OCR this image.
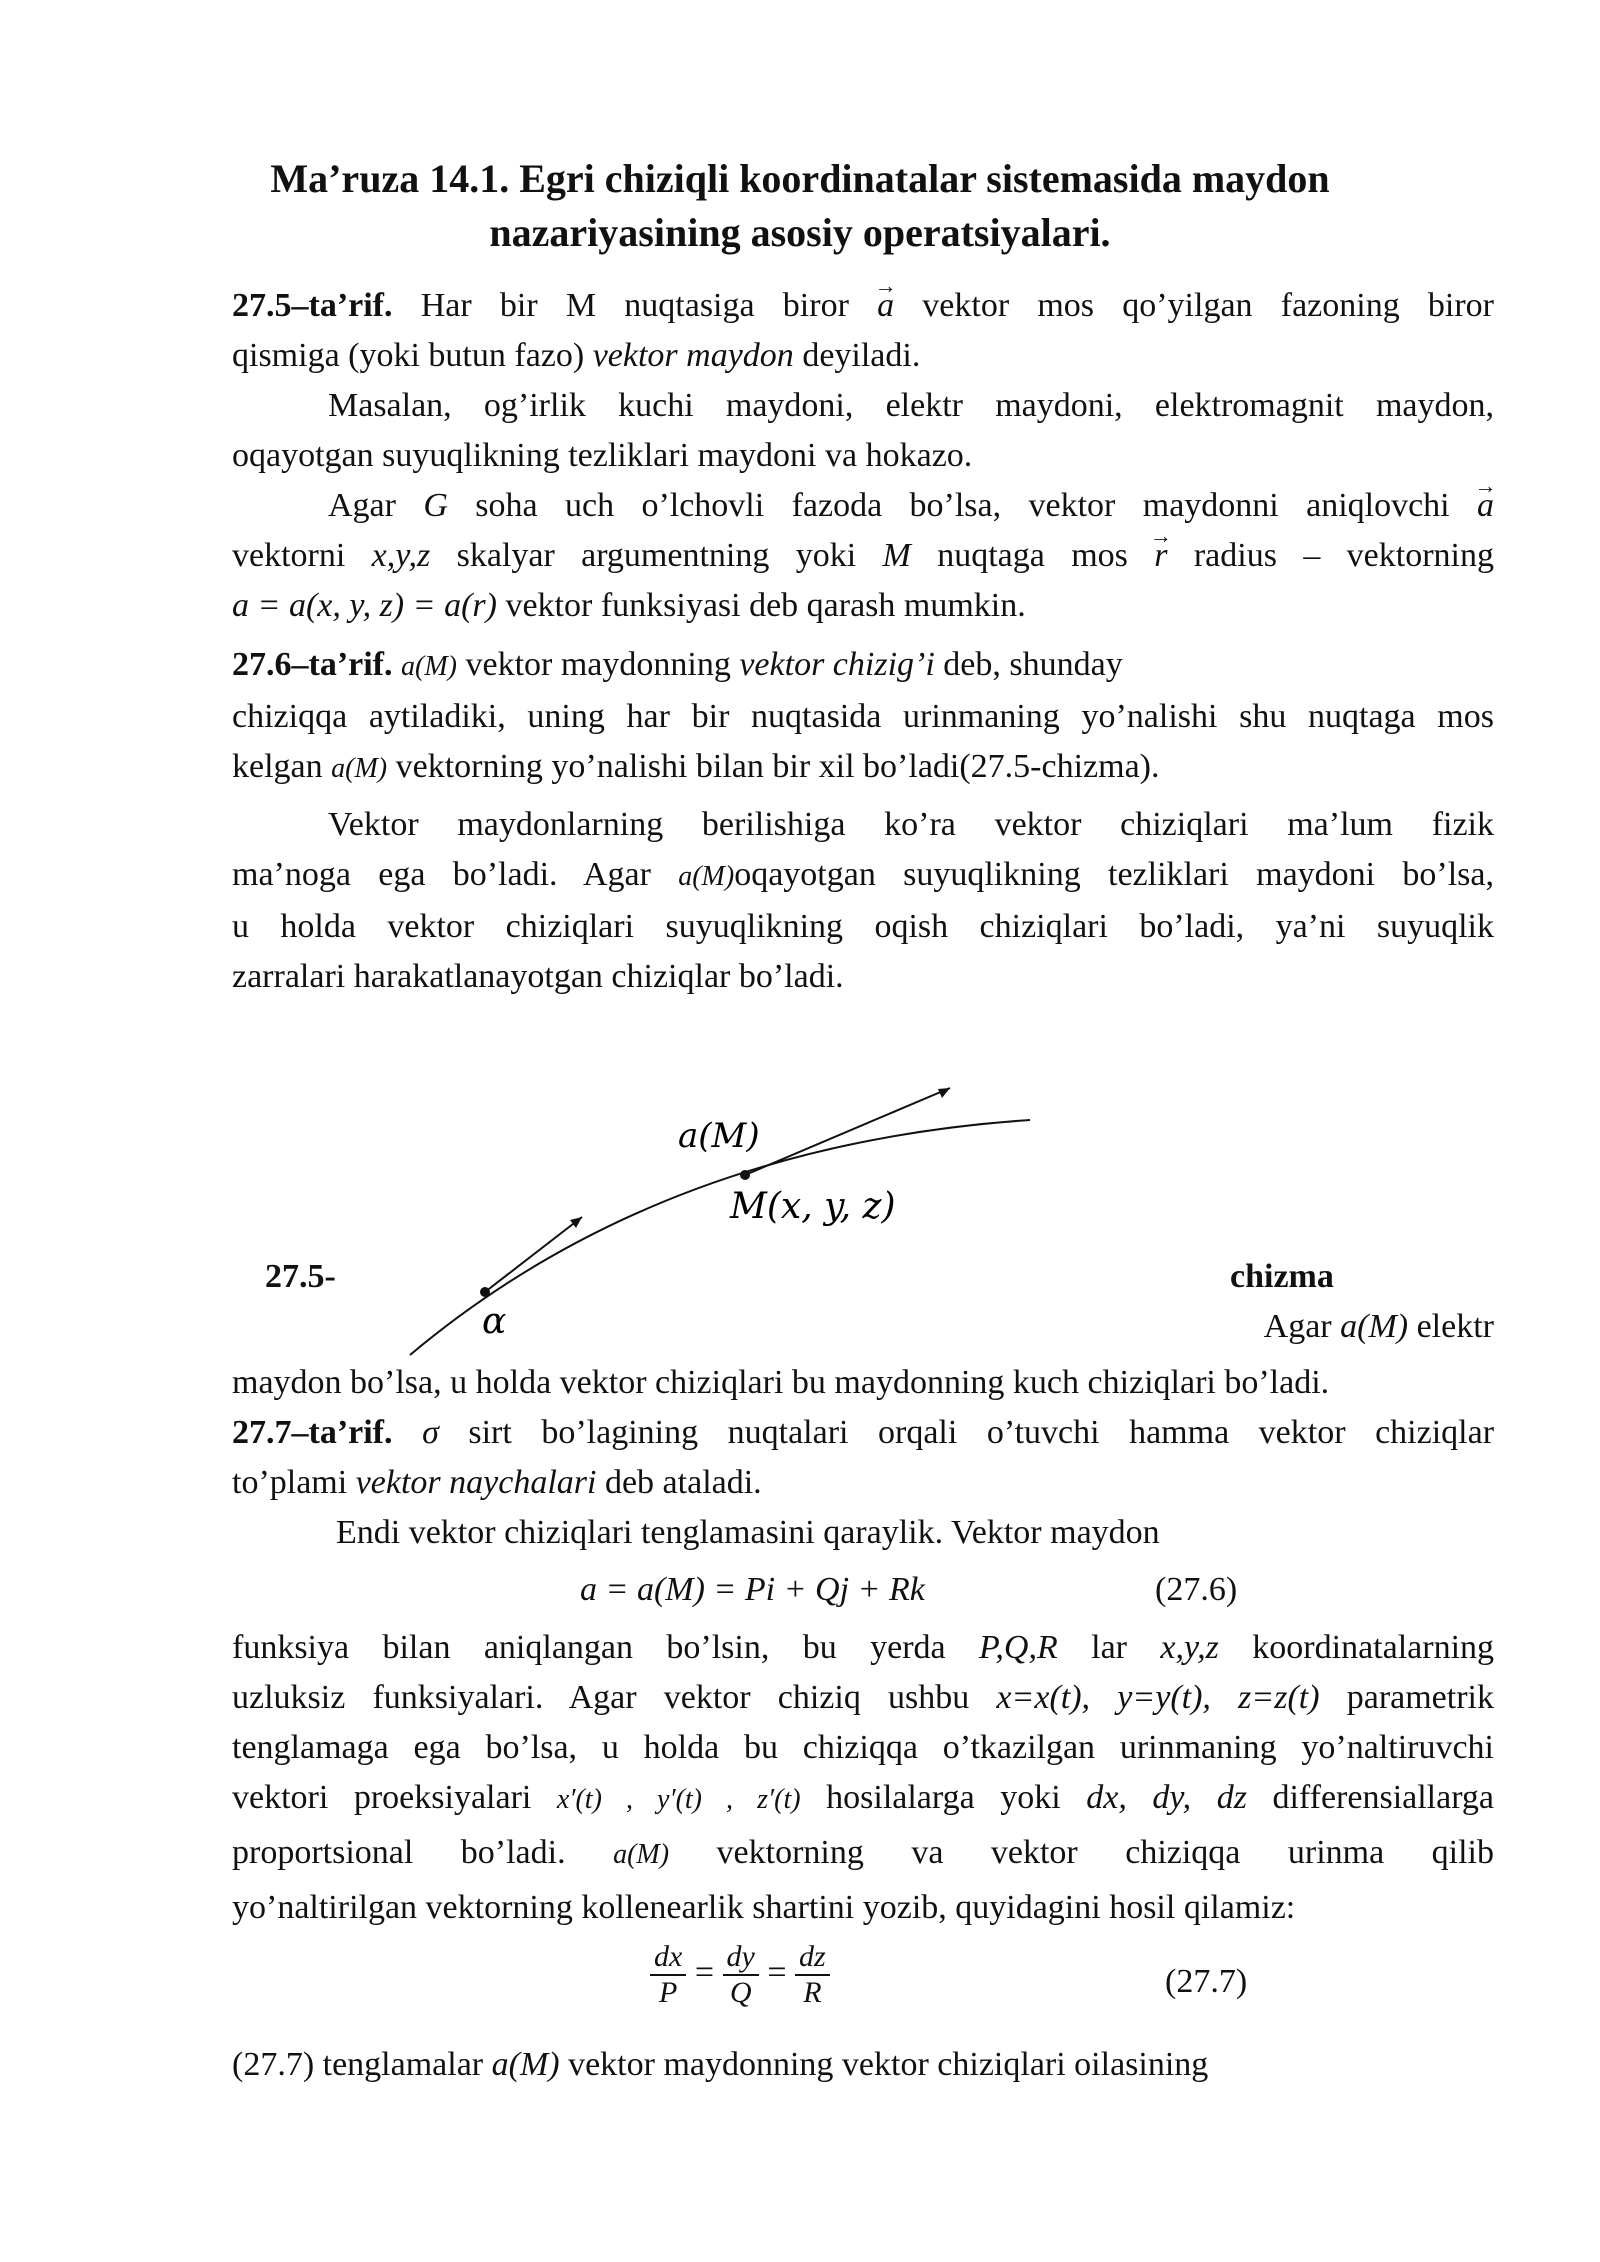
Ma’ruza 14.1. Egri chiziqli koordinatalar sistemasida maydon
nazariyasining asosiy operatsiyalari.
27.5–ta’rif. Har bir M nuqtasiga biror → a vektor mos qo’yilgan fazoning biror
qismiga (yoki butun fazo) vektor maydon deyiladi.
Masalan, og’irlik kuchi maydoni, elektr maydoni, elektromagnit maydon,
oqayotgan suyuqlikning tezliklari maydoni va hokazo.
Agar G soha uch o’lchovli fazoda bo’lsa, vektor maydonni aniqlovchi → a
vektorni x,y,z skalyar argumentning yoki M nuqtaga mos → r radius – vektorning
a = a(x, y, z) = a(r) vektor funksiyasi deb qarash mumkin.
27.6–ta’rif. a(M) vektor maydonning vektor chizig’i deb, shunday
chiziqqa aytiladiki, uning har bir nuqtasida urinmaning yo’nalishi shu nuqtaga mos
kelgan a(M) vektorning yo’nalishi bilan bir xil bo’ladi(27.5-chizma).
Vektor maydonlarning berilishiga ko’ra vektor chiziqlari ma’lum fizik
ma’noga ega bo’ladi. Agar a(M)oqayotgan suyuqlikning tezliklari maydoni bo’lsa,
u holda vektor chiziqlari suyuqlikning oqish chiziqlari bo’ladi, ya’ni suyuqlik
zarralari harakatlanayotgan chiziqlar bo’ladi.
a(M)
M(x, y, z)
α
27.5-	chizma
Agar a(M) elektr
maydon bo’lsa, u holda vektor chiziqlari bu maydonning kuch chiziqlari bo’ladi.
27.7–ta’rif. σ sirt bo’lagining nuqtalari orqali o’tuvchi hamma vektor chiziqlar
to’plami vektor naychalari deb ataladi.
Endi vektor chiziqlari tenglamasini qaraylik. Vektor maydon
a = a(M) = Pi + Qj + Rk	(27.6)
funksiya bilan aniqlangan bo’lsin, bu yerda P,Q,R lar x,y,z koordinatalarning
uzluksiz funksiyalari. Agar vektor chiziq ushbu x=x(t), y=y(t), z=z(t) parametrik
tenglamaga ega bo’lsa, u holda bu chiziqqa o’tkazilgan urinmaning yo’naltiruvchi
vektori proeksiyalari x′(t) , y′(t) , z′(t) hosilalarga yoki dx, dy, dz differensiallarga
proportsional bo’ladi. a(M) vektorning va vektor chiziqqa urinma qilib
yo’naltirilgan vektorning kollenearlik shartini yozib, quyidagini hosil qilamiz:
$\frac{dx}{P} = \frac{dy}{Q} = \frac{dz}{R}$	(27.7)
(27.7) tenglamalar a(M) vektor maydonning vektor chiziqlari oilasining
